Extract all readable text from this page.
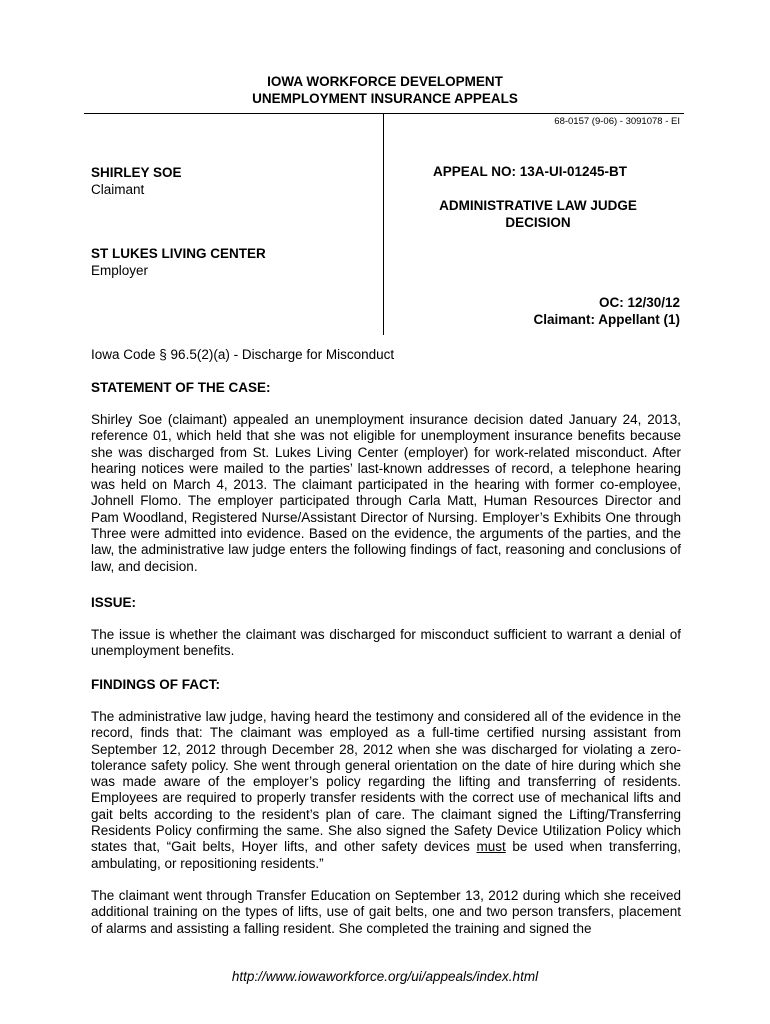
IOWA WORKFORCE DEVELOPMENT
UNEMPLOYMENT INSURANCE APPEALS
68-0157 (9-06) - 3091078 - EI
SHIRLEY SOE
Claimant
ST LUKES LIVING CENTER
Employer
APPEAL NO: 13A-UI-01245-BT
ADMINISTRATIVE LAW JUDGE
DECISION
OC: 12/30/12
Claimant: Appellant (1)
Iowa Code § 96.5(2)(a) - Discharge for Misconduct
STATEMENT OF THE CASE:
Shirley Soe (claimant) appealed an unemployment insurance decision dated January 24, 2013, reference 01, which held that she was not eligible for unemployment insurance benefits because she was discharged from St. Lukes Living Center (employer) for work-related misconduct. After hearing notices were mailed to the parties’ last-known addresses of record, a telephone hearing was held on March 4, 2013. The claimant participated in the hearing with former co-employee, Johnell Flomo. The employer participated through Carla Matt, Human Resources Director and Pam Woodland, Registered Nurse/Assistant Director of Nursing. Employer’s Exhibits One through Three were admitted into evidence. Based on the evidence, the arguments of the parties, and the law, the administrative law judge enters the following findings of fact, reasoning and conclusions of law, and decision.
ISSUE:
The issue is whether the claimant was discharged for misconduct sufficient to warrant a denial of unemployment benefits.
FINDINGS OF FACT:
The administrative law judge, having heard the testimony and considered all of the evidence in the record, finds that: The claimant was employed as a full-time certified nursing assistant from September 12, 2012 through December 28, 2012 when she was discharged for violating a zero-tolerance safety policy. She went through general orientation on the date of hire during which she was made aware of the employer’s policy regarding the lifting and transferring of residents. Employees are required to properly transfer residents with the correct use of mechanical lifts and gait belts according to the resident’s plan of care. The claimant signed the Lifting/Transferring Residents Policy confirming the same. She also signed the Safety Device Utilization Policy which states that, “Gait belts, Hoyer lifts, and other safety devices must be used when transferring, ambulating, or repositioning residents.”
The claimant went through Transfer Education on September 13, 2012 during which she received additional training on the types of lifts, use of gait belts, one and two person transfers, placement of alarms and assisting a falling resident. She completed the training and signed the
http://www.iowaworkforce.org/ui/appeals/index.html
